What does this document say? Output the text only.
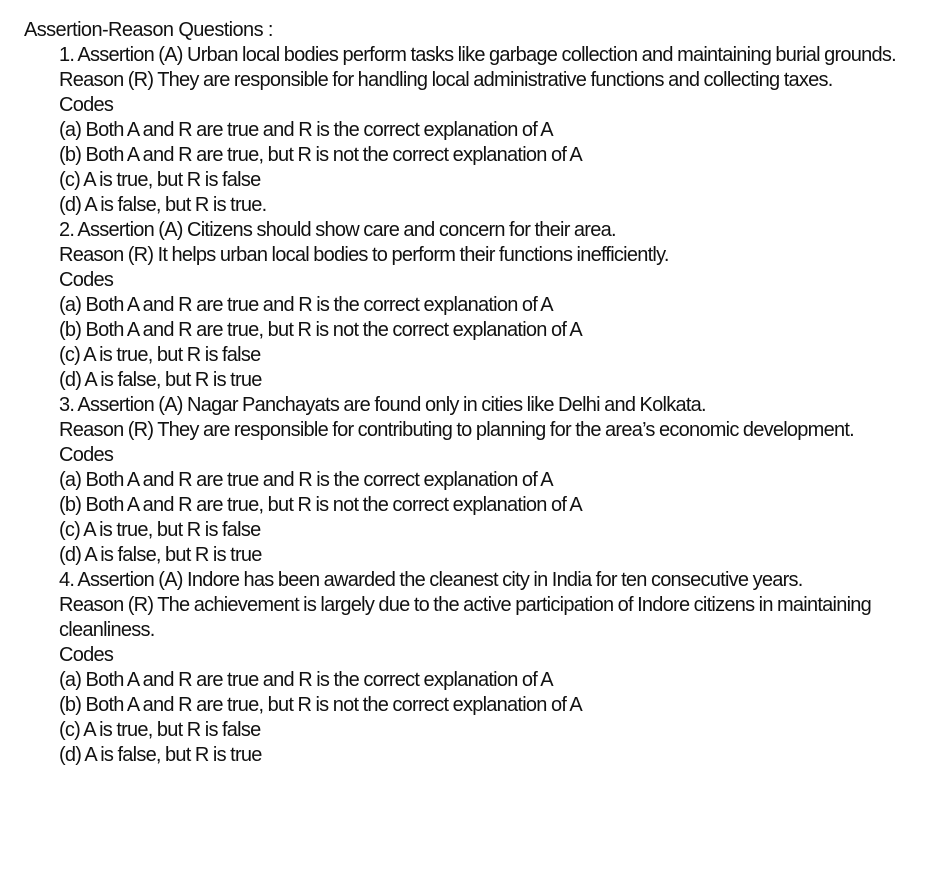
Assertion-Reason Questions :
1. Assertion (A) Urban local bodies perform tasks like garbage collection and maintaining burial grounds.
Reason (R) They are responsible for handling local administrative functions and collecting taxes.
Codes
(a) Both A and R are true and R is the correct explanation of A
(b) Both A and R are true, but R is not the correct explanation of A
(c) A is true, but R is false
(d) A is false, but R is true.
2. Assertion (A) Citizens should show care and concern for their area.
Reason (R) It helps urban local bodies to perform their functions inefficiently.
Codes
(a) Both A and R are true and R is the correct explanation of A
(b) Both A and R are true, but R is not the correct explanation of A
(c) A is true, but R is false
(d) A is false, but R is true
3. Assertion (A) Nagar Panchayats are found only in cities like Delhi and Kolkata.
Reason (R) They are responsible for contributing to planning for the area’s economic development.
Codes
(a) Both A and R are true and R is the correct explanation of A
(b) Both A and R are true, but R is not the correct explanation of A
(c) A is true, but R is false
(d) A is false, but R is true
4. Assertion (A) Indore has been awarded the cleanest city in India for ten consecutive years.
Reason (R) The achievement is largely due to the active participation of Indore citizens in maintaining cleanliness.
Codes
(a) Both A and R are true and R is the correct explanation of A
(b) Both A and R are true, but R is not the correct explanation of A
(c) A is true, but R is false
(d) A is false, but R is true
